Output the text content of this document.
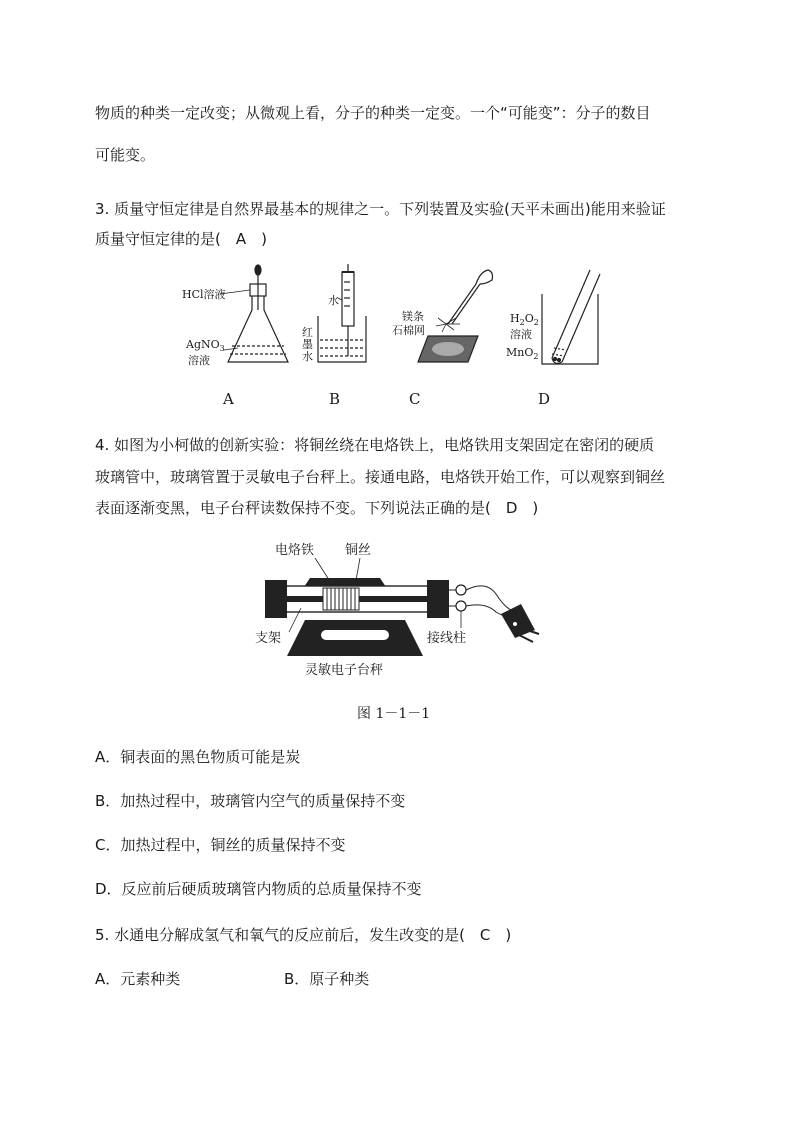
物质的种类一定改变；从微观上看，分子的种类一定变。一个“可能变”：分子的数目
可能变。
3. 质量守恒定律是自然界最基本的规律之一。下列装置及实验(天平未画出)能用来验证
质量守恒定律的是(　A　)
HCl溶液
AgNO$_3$
溶液
水
红
墨
水
镁条
石棉网
$H_2O_2$
溶液
MnO$_2$
A	B	C	D
4. 如图为小柯做的创新实验：将铜丝绕在电烙铁上，电烙铁用支架固定在密闭的硬质
玻璃管中，玻璃管置于灵敏电子台秤上。接通电路，电烙铁开始工作，可以观察到铜丝
表面逐渐变黑，电子台秤读数保持不变。下列说法正确的是(　D　)
电烙铁 铜丝
支架	接线柱
灵敏电子台秤
图 1－1－1
A．铜表面的黑色物质可能是炭
B．加热过程中，玻璃管内空气的质量保持不变
C．加热过程中，铜丝的质量保持不变
D．反应前后硬质玻璃管内物质的总质量保持不变
5. 水通电分解成氢气和氧气的反应前后，发生改变的是(　C　)
A．元素种类	B．原子种类
